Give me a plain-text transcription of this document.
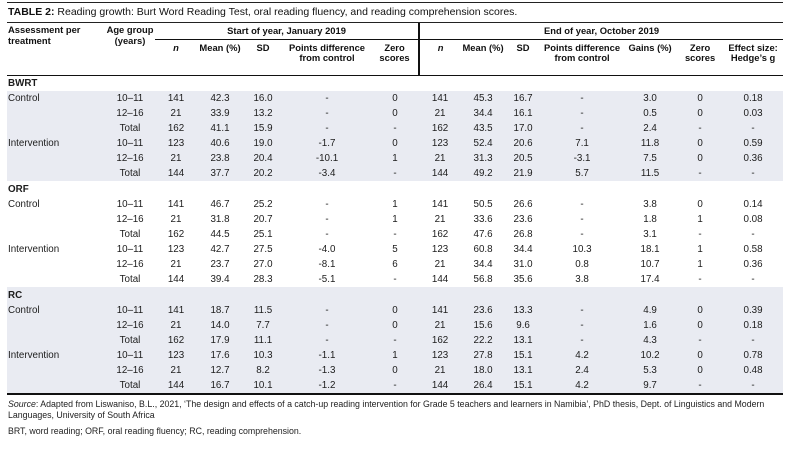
TABLE 2: Reading growth: Burt Word Reading Test, oral reading fluency, and reading comprehension scores.
Assessment per treatment	Age group (years)	Start of year, January 2019					End of year, October 2019						
		n	Mean (%)	SD	Points difference from control	Zero scores	n	Mean (%)	SD	Points difference from control	Gains (%)	Zero scores	Effect size: Hedge’s g
BWRT													
Control	10–11	141	42.3	16.0	-	0	141	45.3	16.7	-	3.0	0	0.18
	12–16	21	33.9	13.2	-	0	21	34.4	16.1	-	0.5	0	0.03
	Total	162	41.1	15.9	-	-	162	43.5	17.0	-	2.4	-	-
Intervention	10–11	123	40.6	19.0	-1.7	0	123	52.4	20.6	7.1	11.8	0	0.59
	12–16	21	23.8	20.4	-10.1	1	21	31.3	20.5	-3.1	7.5	0	0.36
	Total	144	37.7	20.2	-3.4	-	144	49.2	21.9	5.7	11.5	-	-
ORF													
Control	10–11	141	46.7	25.2	-	1	141	50.5	26.6	-	3.8	0	0.14
	12–16	21	31.8	20.7	-	1	21	33.6	23.6	-	1.8	1	0.08
	Total	162	44.5	25.1	-	-	162	47.6	26.8	-	3.1	-	-
Intervention	10–11	123	42.7	27.5	-4.0	5	123	60.8	34.4	10.3	18.1	1	0.58
	12–16	21	23.7	27.0	-8.1	6	21	34.4	31.0	0.8	10.7	1	0.36
	Total	144	39.4	28.3	-5.1	-	144	56.8	35.6	3.8	17.4	-	-
RC													
Control	10–11	141	18.7	11.5	-	0	141	23.6	13.3	-	4.9	0	0.39
	12–16	21	14.0	7.7	-	0	21	15.6	9.6	-	1.6	0	0.18
	Total	162	17.9	11.1	-	-	162	22.2	13.1	-	4.3	-	-
Intervention	10–11	123	17.6	10.3	-1.1	1	123	27.8	15.1	4.2	10.2	0	0.78
	12–16	21	12.7	8.2	-1.3	0	21	18.0	13.1	2.4	5.3	0	0.48
	Total	144	16.7	10.1	-1.2	-	144	26.4	15.1	4.2	9.7	-	-

Source: Adapted from Liswaniso, B.L., 2021, ‘The design and effects of a catch-up reading intervention for Grade 5 teachers and learners in Namibia’, PhD thesis, Dept. of Linguistics and Modern Languages, University of South Africa

BRT, word reading; ORF, oral reading fluency; RC, reading comprehension.
